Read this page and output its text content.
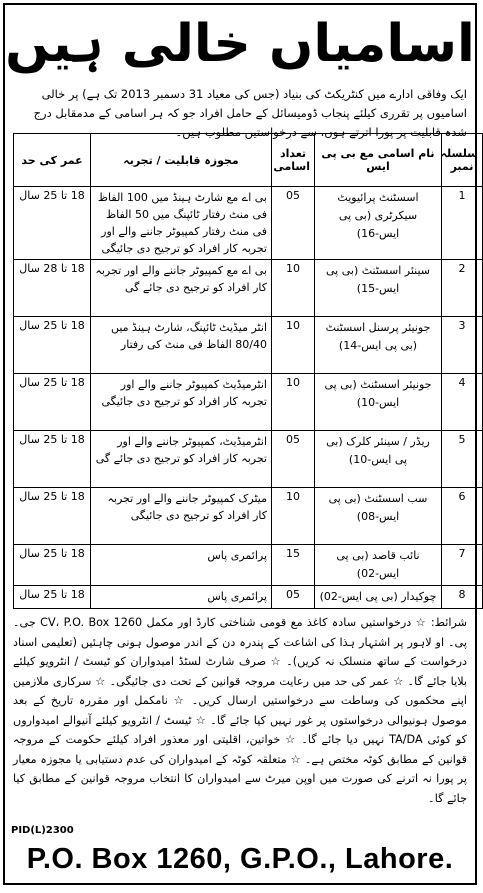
اسامیاں خالی ہیں
ایک وفاقی ادارے میں کنٹریکٹ کی بنیاد (جس کی معیاد 31 دسمبر 2013 تک ہے) پر خالی اسامیوں پر تقرری کیلئے پنجاب ڈومیسائل کے حامل افراد جو کہ ہر اسامی کے مدمقابل درج شدہ قابلیت پر پورا اترتے ہوں، سے درخواستیں مطلوب ہیں۔
سلسلہ نمبر	نام اسامی مع بی پی ایس	تعداد اسامی	مجوزہ قابلیت / تجربہ	عمر کی حد
1	اسسٹنٹ پرائیویٹ سیکرٹری (بی پی ایس-16)	05	بی اے مع شارٹ ہینڈ میں 100 الفاظ فی منٹ رفتار ٹائپنگ میں 50 الفاظ فی منٹ رفتار کمپیوٹر جاننے والے اور تجربہ کار افراد کو ترجیح دی جائیگی	18 تا 25 سال
2	سینئر اسسٹنٹ (بی پی ایس-15)	10	بی اے مع کمپیوٹر جاننے والے اور تجربہ کار افراد کو ترجیح دی جائے گی	18 تا 28 سال
3	جونیئر پرسنل اسسٹنٹ (بی پی ایس-14)	10	انٹر میڈیٹ ٹائپنگ، شارٹ ہینڈ میں 80/40 الفاظ فی منٹ کی رفتار	18 تا 25 سال
4	جونیئر اسسٹنٹ (بی پی ایس-10)	10	انٹرمیڈیٹ کمپیوٹر جاننے والے اور تجربہ کار افراد کو ترجیح دی جائیگی	18 تا 25 سال
5	ریڈر / سینئر کلرک (بی پی ایس-10)	05	انٹرمیڈیٹ، کمپیوٹر جاننے والے اور تجربہ کار افراد کو ترجیح دی جائے گی	18 تا 25 سال
6	سب اسسٹنٹ (بی پی ایس-08)	10	میٹرک کمپیوٹر جاننے والے اور تجربہ کار افراد کو ترجیح دی جائیگی	18 تا 25 سال
7	نائب قاصد (بی پی ایس-02)	15	پرائمری پاس	18 تا 25 سال
8	چوکیدار (بی پی ایس-02)	05	پرائمری پاس	18 تا 25 سال
شرائط: ☆ درخواستیں سادہ کاغذ مع قومی شناختی کارڈ اور مکمل CV، P.O. Box 1260 جی۔ پی۔ او لاہور پر اشتہار ہذا کی اشاعت کے پندرہ دن کے اندر موصول ہونی چاہئیں (تعلیمی اسناد درخواست کے ساتھ منسلک نہ کریں)۔ ☆ صرف شارٹ لسٹڈ امیدواران کو ٹیسٹ / انٹرویو کیلئے بلایا جائے گا۔ ☆ عمر کی حد میں رعایت مروجہ قوانین کے تحت دی جائیگی۔ ☆ سرکاری ملازمین اپنے محکموں کی وساطت سے درخواستیں ارسال کریں۔ ☆ نامکمل اور مقررہ تاریخ کے بعد موصول ہونیوالی درخواستوں پر غور نہیں کیا جائے گا۔ ☆ ٹیسٹ / انٹرویو کیلئے آنیوالے امیدواروں کو کوئی TA/DA نہیں دیا جائے گا۔ ☆ خواتین، اقلیتی اور معذور افراد کیلئے حکومت کے مروجہ قوانین کے مطابق کوٹہ مختص ہے۔ ☆ متعلقہ کوٹہ کے امیدواران کی عدم دستیابی یا مجوزہ معیار پر پورا نہ اترنے کی صورت میں اوپن میرٹ سے امیدواران کا انتخاب مروجہ قوانین کے مطابق کیا جائے گا۔
PID(L)2300
P.O. Box 1260, G.P.O., Lahore.
